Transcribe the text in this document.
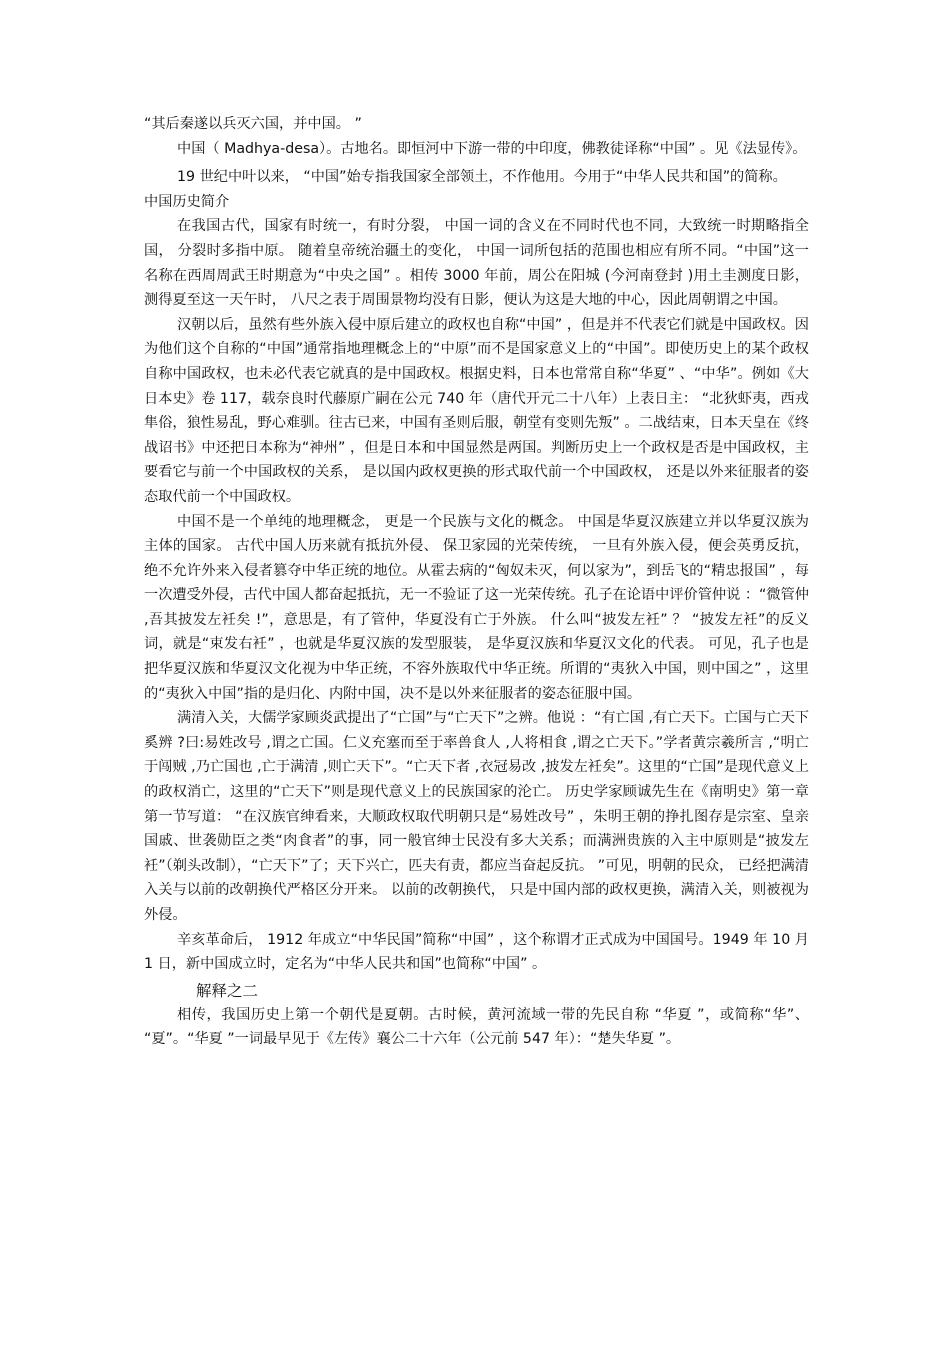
“其后秦遂以兵灭六国，并中国。 ”

中国（ Madhya-desa）。古地名。即恒河中下游一带的中印度，佛教徒译称“中国” 。见《法显传》。

19 世纪中叶以来， “中国”始专指我国家全部领土，不作他用。今用于“中华人民共和国”的简称。

中国历史简介

在我国古代，国家有时统一，有时分裂， 中国一词的含义在不同时代也不同，大致统一时期略指全国， 分裂时多指中原。 随着皇帝统治疆土的变化， 中国一词所包括的范围也相应有所不同。“中国”这一名称在西周周武王时期意为“中央之国” 。相传 3000 年前，周公在阳城 (今河南登封 )用土圭测度日影， 测得夏至这一天午时， 八尺之表于周围景物均没有日影，便认为这是大地的中心，因此周朝谓之中国。

汉朝以后，虽然有些外族入侵中原后建立的政权也自称“中国” ，但是并不代表它们就是中国政权。因为他们这个自称的“中国”通常指地理概念上的“中原”而不是国家意义上的“中国”。即使历史上的某个政权自称中国政权，也未必代表它就真的是中国政权。根据史料，日本也常常自称“华夏” 、“中华”。例如《大日本史》卷 117，载奈良时代藤原广嗣在公元 740 年（唐代开元二十八年）上表日主： “北狄虾夷，西戎隼俗，狼性易乱，野心难驯。往古已来，中国有圣则后服，朝堂有变则先叛” 。二战结束，日本天皇在《终战诏书》中还把日本称为“神州” ，但是日本和中国显然是两国。判断历史上一个政权是否是中国政权，主要看它与前一个中国政权的关系， 是以国内政权更换的形式取代前一个中国政权， 还是以外来征服者的姿态取代前一个中国政权。

中国不是一个单纯的地理概念， 更是一个民族与文化的概念。 中国是华夏汉族建立并以华夏汉族为主体的国家。 古代中国人历来就有抵抗外侵、 保卫家园的光荣传统， 一旦有外族入侵，便会英勇反抗，绝不允许外来入侵者篡夺中华正统的地位。从霍去病的“匈奴未灭，何以家为”，到岳飞的“精忠报国” ，每一次遭受外侵，古代中国人都奋起抵抗，无一不验证了这一光荣传统。孔子在论语中评价管仲说 ：“微管仲 ,吾其披发左衽矣 !”，意思是，有了管仲，华夏没有亡于外族。 什么叫“披发左衽” ？ “披发左衽”的反义词，就是“束发右衽” ，也就是华夏汉族的发型服装， 是华夏汉族和华夏汉文化的代表。 可见，孔子也是把华夏汉族和华夏汉文化视为中华正统，不容外族取代中华正统。所谓的“夷狄入中国，则中国之” ，这里的“夷狄入中国”指的是归化、内附中国，决不是以外来征服者的姿态征服中国。

满清入关，大儒学家顾炎武提出了“亡国”与“亡天下”之辨。他说 ：“有亡国 ,有亡天下。亡国与亡天下奚辨 ?曰:易姓改号 ,谓之亡国。仁义充塞而至于率兽食人 ,人将相食 ,谓之亡天下。”学者黄宗羲所言 ,“明亡于闯贼 ,乃亡国也 ,亡于满清 ,则亡天下”。“亡天下者 ,衣冠易改 ,披发左衽矣”。这里的“亡国”是现代意义上的政权消亡，这里的“亡天下”则是现代意义上的民族国家的沦亡。 历史学家顾诚先生在《南明史》第一章第一节写道： “在汉族官绅看来，大顺政权取代明朝只是“易姓改号” ，朱明王朝的挣扎图存是宗室、皇亲国戚、世袭勋臣之类“肉食者”的事，同一般官绅士民没有多大关系；而满洲贵族的入主中原则是“披发左衽”（剃头改制），“亡天下”了；天下兴亡，匹夫有责，都应当奋起反抗。 ”可见，明朝的民众， 已经把满清入关与以前的改朝换代严格区分开来。 以前的改朝换代， 只是中国内部的政权更换，满清入关，则被视为外侵。

辛亥革命后， 1912 年成立“中华民国”简称“中国” ，这个称谓才正式成为中国国号。1949 年 10 月 1 日，新中国成立时，定名为“中华人民共和国”也简称“中国” 。

解释之二

相传，我国历史上第一个朝代是夏朝。古时候，黄河流域一带的先民自称 “华夏 ”，或简称“华”、 “夏”。“华夏 ”一词最早见于《左传》襄公二十六年（公元前 547 年）：“楚失华夏 ”。
